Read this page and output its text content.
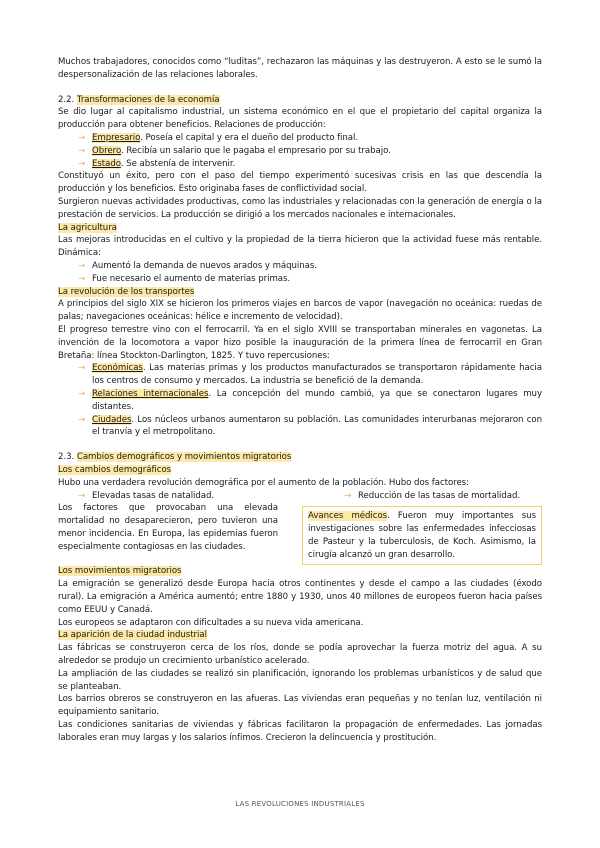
Muchos trabajadores, conocidos como “luditas”, rechazaron las máquinas y las destruyeron. A esto se le sumó la despersonalización de las relaciones laborales.

2.2. Transformaciones de la economía

Se dio lugar al capitalismo industrial, un sistema económico en el que el propietario del capital organiza la producción para obtener beneficios. Relaciones de producción:

→ Empresario. Poseía el capital y era el dueño del producto final.
→ Obrero. Recibía un salario que le pagaba el empresario por su trabajo.
→ Estado. Se abstenía de intervenir.

Constituyó un éxito, pero con el paso del tiempo experimentó sucesivas crisis en las que descendía la producción y los beneficios. Esto originaba fases de conflictividad social.

Surgieron nuevas actividades productivas, como las industriales y relacionadas con la generación de energía o la prestación de servicios. La producción se dirigió a los mercados nacionales e internacionales.

La agricultura

Las mejoras introducidas en el cultivo y la propiedad de la tierra hicieron que la actividad fuese más rentable. Dinámica:

→ Aumentó la demanda de nuevos arados y máquinas.
→ Fue necesario el aumento de materias primas.

La revolución de los transportes

A principios del siglo XIX se hicieron los primeros viajes en barcos de vapor (navegación no oceánica: ruedas de palas; navegaciones oceánicas: hélice e incremento de velocidad).

El progreso terrestre vino con el ferrocarril. Ya en el siglo XVIII se transportaban minerales en vagonetas. La invención de la locomotora a vapor hizo posible la inauguración de la primera línea de ferrocarril en Gran Bretaña: línea Stockton-Darlington, 1825. Y tuvo repercusiones:

→ Económicas. Las materias primas y los productos manufacturados se transportaron rápidamente hacia los centros de consumo y mercados. La industria se benefició de la demanda.
→ Relaciones internacionales. La concepción del mundo cambió, ya que se conectaron lugares muy distantes.
→ Ciudades. Los núcleos urbanos aumentaron su población. Las comunidades interurbanas mejoraron con el tranvía y el metropolitano.

2.3. Cambios demográficos y movimientos migratorios

Los cambios demográficos

Hubo una verdadera revolución demográfica por el aumento de la población. Hubo dos factores:

→ Elevadas tasas de natalidad.	→ Reducción de las tasas de mortalidad.

Los factores que provocaban una elevada mortalidad no desaparecieron, pero tuvieron una menor incidencia. En Europa, las epidemias fueron especialmente contagiosas en las ciudades.

Avances médicos. Fueron muy importantes sus investigaciones sobre las enfermedades infecciosas de Pasteur y la tuberculosis, de Koch. Asimismo, la cirugía alcanzó un gran desarrollo.

Los movimientos migratorios

La emigración se generalizó desde Europa hacia otros continentes y desde el campo a las ciudades (éxodo rural). La emigración a América aumentó; entre 1880 y 1930, unos 40 millones de europeos fueron hacia países como EEUU y Canadá.

Los europeos se adaptaron con dificultades a su nueva vida americana.

La aparición de la ciudad industrial

Las fábricas se construyeron cerca de los ríos, donde se podía aprovechar la fuerza motriz del agua. A su alrededor se produjo un crecimiento urbanístico acelerado.

La ampliación de las ciudades se realizó sin planificación, ignorando los problemas urbanísticos y de salud que se planteaban.

Los barrios obreros se construyeron en las afueras. Las viviendas eran pequeñas y no tenían luz, ventilación ni equipamiento sanitario.

Las condiciones sanitarias de viviendas y fábricas facilitaron la propagación de enfermedades. Las jornadas laborales eran muy largas y los salarios ínfimos. Crecieron la delincuencia y prostitución.

LAS REVOLUCIONES INDUSTRIALES
